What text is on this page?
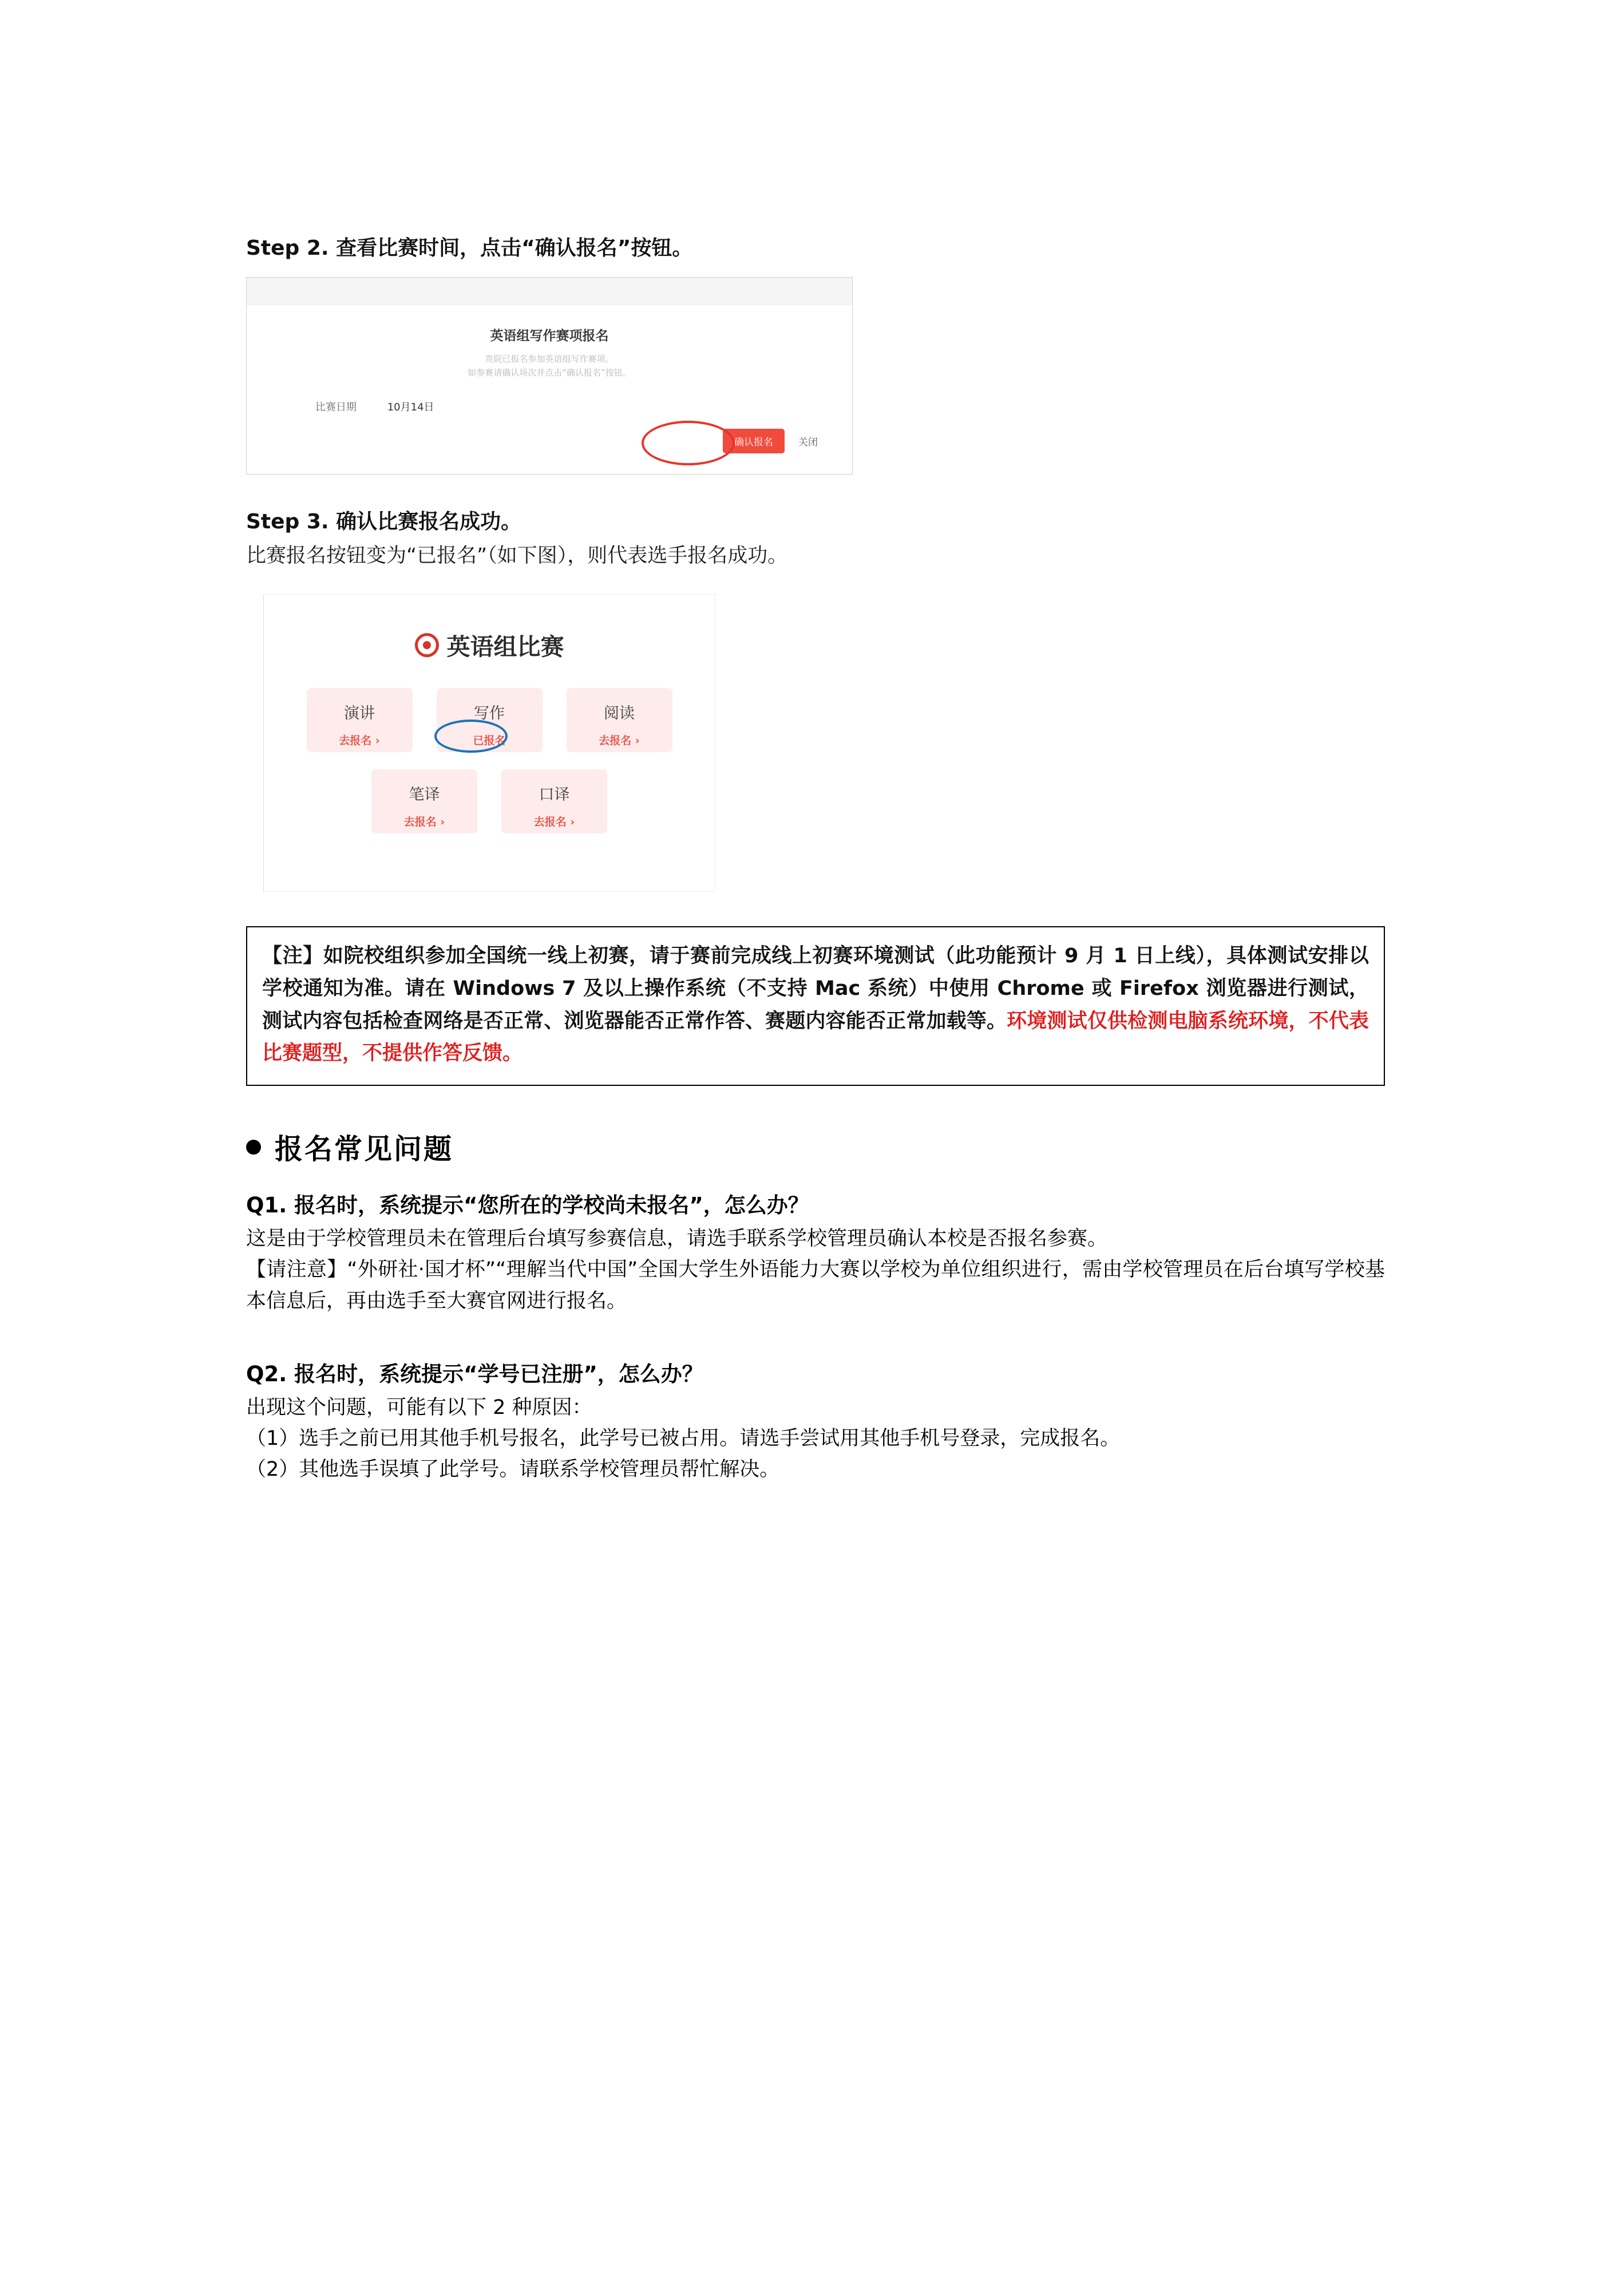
Step 2. 查看比赛时间，点击“确认报名”按钮。

英语组写作赛项报名
贵院已报名参加英语组写作赛项。
如参赛请确认场次并点击“确认报名”按钮。
比赛日期	10月14日
确认报名	关闭

Step 3. 确认比赛报名成功。

比赛报名按钮变为“已报名”（如下图），则代表选手报名成功。

英语组比赛
演讲
去报名 ›
写作
已报名
阅读
去报名 ›
笔译
去报名 ›
口译
去报名 ›

【注】如院校组织参加全国统一线上初赛，请于赛前完成线上初赛环境测试（此功能预计 9 月 1 日上线），具体测试安排以学校通知为准。请在 Windows 7 及以上操作系统（不支持 Mac 系统）中使用 Chrome 或 Firefox 浏览器进行测试，测试内容包括检查网络是否正常、浏览器能否正常作答、赛题内容能否正常加载等。环境测试仅供检测电脑系统环境，不代表比赛题型，不提供作答反馈。

报名常见问题

Q1. 报名时，系统提示“您所在的学校尚未报名”，怎么办？

这是由于学校管理员未在管理后台填写参赛信息，请选手联系学校管理员确认本校是否报名参赛。

【请注意】“外研社·国才杯”“理解当代中国”全国大学生外语能力大赛以学校为单位组织进行，需由学校管理员在后台填写学校基本信息后，再由选手至大赛官网进行报名。

Q2. 报名时，系统提示“学号已注册”，怎么办？

出现这个问题，可能有以下 2 种原因：

（1）选手之前已用其他手机号报名，此学号已被占用。请选手尝试用其他手机号登录，完成报名。

（2）其他选手误填了此学号。请联系学校管理员帮忙解决。
